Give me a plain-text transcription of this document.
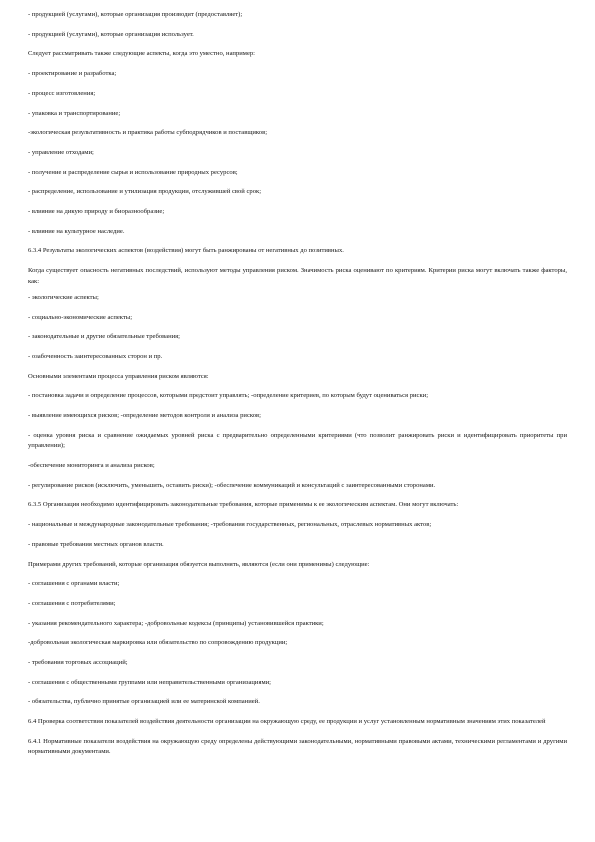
- продукцией (услугами), которые организация производит (предоставляет);

- продукцией (услугами), которые организация использует.

Следует рассматривать также следующие аспекты, когда это уместно, например:

- проектирование и разработка;

- процесс изготовления;

- упаковка и транспортирование;

-экологическая результативность и практика работы субподрядчиков и поставщиков;

- управление отходами;

- получение и распределение сырья и использование природных ресурсов;

- распределение, использование и утилизация продукции, отслужившей свой срок;

- влияние на дикую природу и биоразнообразие;

- влияние на культурное наследие.

6.3.4 Результаты экологических аспектов (воздействия) могут быть ранжированы от негативных до позитивных.

Когда существует опасность негативных последствий, используют методы управления риском. Значимость риска оценивают по критериям. Критерии риска могут включать также факторы, как:

- экологические аспекты;

- социально-экономические аспекты;

- законодательные и другие обязательные требования;

- озабоченность заинтересованных сторон и пр.

Основными элементами процесса управления риском являются:

- постановка задачи и определение процессов, которыми предстоит управлять; -определение критериев, по которым будут оцениваться риски;

- выявление имеющихся рисков; -определение методов контроля и анализа рисков;

- оценка уровня риска и сравнение ожидаемых уровней риска с предварительно определенными критериями (что позволит ранжировать риски и идентифицировать приоритеты при управлении);

-обеспечение мониторинга и анализа рисков;

- регулирование рисков (исключить, уменьшить, оставить риски); -обеспечение коммуникаций и консультаций с заинтересованными сторонами.

6.3.5 Организация необходимо идентифицировать законодательные требования, которые применимы к ее экологическим аспектам. Они могут включать:

- национальные и международные законодательные требования; -требования государственных, региональных, отраслевых нормативных актов;

- правовые требования местных органов власти.

Примерами других требований, которые организация обязуется выполнять, являются (если они применимы) следующие:

- соглашения с органами власти;

- соглашения с потребителями;

- указания рекомендательного характера; -добровольные кодексы (принципы) установившейся практики;

-добровольная экологическая маркировка или обязательство по сопровождению продукции;

- требования торговых ассоциаций;

- соглашения с общественными группами или неправительственными организациями;

- обязательства, публично принятые организацией или ее материнской компанией.

6.4 Проверка соответствия показателей воздействия деятельности организации на окружающую среду, ее продукции и услуг установленным нормативным значениям этих показателей

6.4.1 Нормативные показатели воздействия на окружающую среду определены действующими законодательными, нормативными правовыми актами, техническими регламентами и другими нормативными документами.
